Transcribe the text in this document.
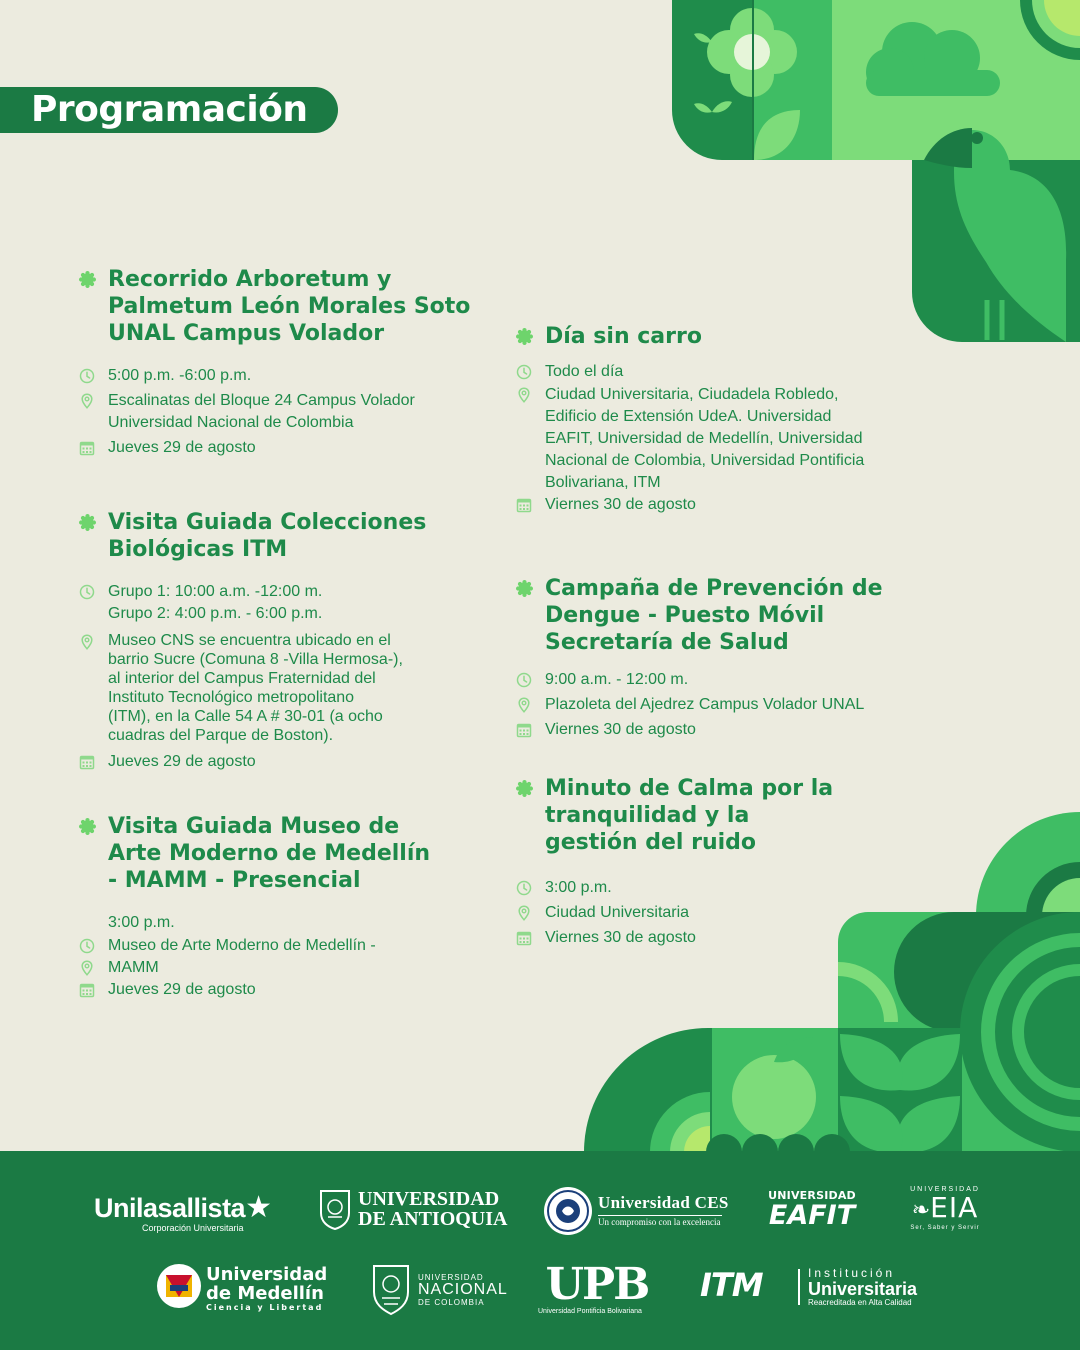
Programación
Recorrido Arboretum y
Palmetum León Morales Soto
UNAL Campus Volador
5:00 p.m. -6:00 p.m.
Escalinatas del Bloque 24 Campus Volador
Universidad Nacional de Colombia
Jueves 29 de agosto
Visita Guiada Colecciones
Biológicas ITM
Grupo 1: 10:00 a.m. -12:00 m.
Grupo 2: 4:00 p.m. - 6:00 p.m.
Museo CNS se encuentra ubicado en el
barrio Sucre (Comuna 8 -Villa Hermosa-),
al interior del Campus Fraternidad del
Instituto Tecnológico metropolitano
(ITM), en la Calle 54 A # 30-01 (a ocho
cuadras del Parque de Boston).
Jueves 29 de agosto
Visita Guiada Museo de
Arte Moderno de Medellín
- MAMM - Presencial
3:00 p.m.
Museo de Arte Moderno de Medellín -
MAMM
Jueves 29 de agosto
Día sin carro
Todo el día
Ciudad Universitaria, Ciudadela Robledo,
Edificio de Extensión UdeA. Universidad
EAFIT, Universidad de Medellín, Universidad
Nacional de Colombia, Universidad Pontificia
Bolivariana, ITM
Viernes 30 de agosto
Campaña de Prevención de
Dengue - Puesto Móvil
Secretaría de Salud
9:00 a.m. - 12:00 m.
Plazoleta del Ajedrez Campus Volador UNAL
Viernes 30 de agosto
Minuto de Calma por la
tranquilidad y la
gestión del ruido
3:00 p.m.
Ciudad Universitaria
Viernes 30 de agosto
Unilasallista★
Corporación Universitaria
UNIVERSIDAD
DE ANTIOQUIA
Universidad CES
Un compromiso con la excelencia
UNIVERSIDAD
EAFIT
UNIVERSIDAD
❧EIA
Ser, Saber y Servir
Universidad
de Medellín
Ciencia y Libertad
UNIVERSIDAD
NACIONAL
DE COLOMBIA	UPB
Universidad Pontificia Bolivariana
ITM	Institución
Universitaria
Reacreditada en Alta Calidad
